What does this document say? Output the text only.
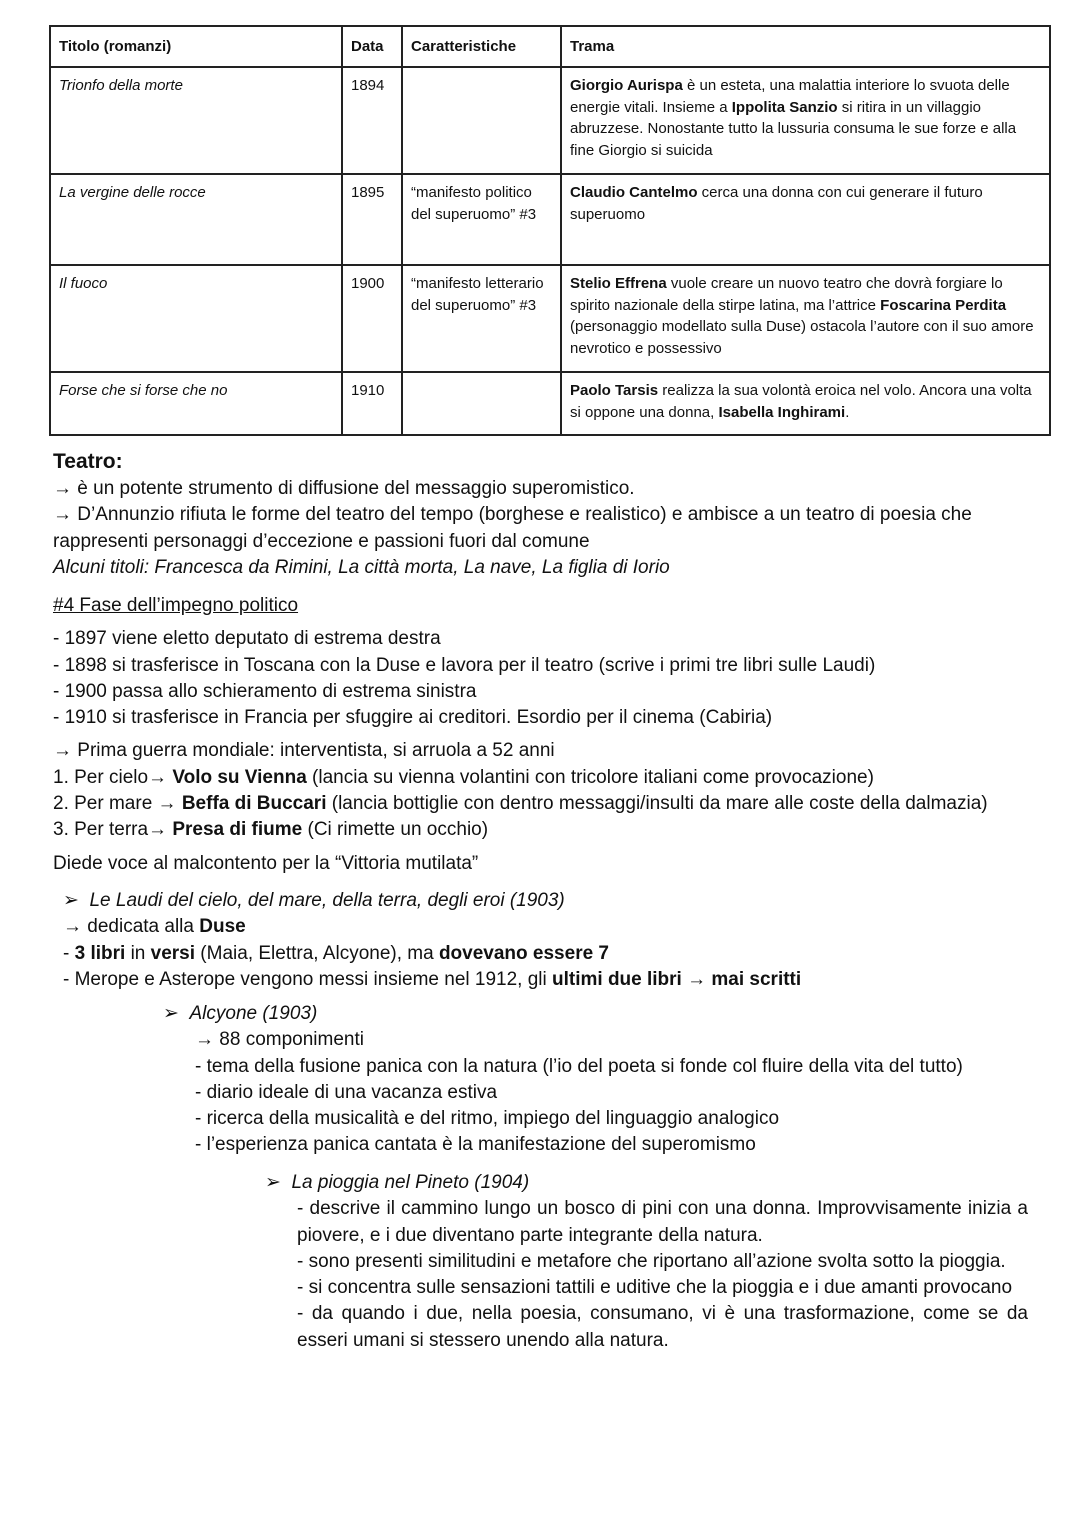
Titolo (romanzi)	Data	Caratteristiche	Trama
Trionfo della morte	1894		Giorgio Aurispa è un esteta, una malattia interiore lo svuota delle energie vitali. Insieme a Ippolita Sanzio si ritira in un villaggio abruzzese. Nonostante tutto la lussuria consuma le sue forze e alla fine Giorgio si suicida
La vergine delle rocce	1895	“manifesto politico del superuomo” #3	Claudio Cantelmo cerca una donna con cui generare il futuro superuomo
Il fuoco	1900	“manifesto letterario del superuomo” #3	Stelio Effrena vuole creare un nuovo teatro che dovrà forgiare lo spirito nazionale della stirpe latina, ma l’attrice Foscarina Perdita (personaggio modellato sulla Duse) ostacola l’autore con il suo amore nevrotico e possessivo
Forse che si forse che no	1910		Paolo Tarsis realizza la sua volontà eroica nel volo. Ancora una volta si oppone una donna, Isabella Inghirami.

Teatro:

→ è un potente strumento di diffusione del messaggio superomistico.

→ D’Annunzio rifiuta le forme del teatro del tempo (borghese e realistico) e ambisce a un teatro di poesia che rappresenti personaggi d’eccezione e passioni fuori dal comune

Alcuni titoli: Francesca da Rimini, La città morta, La nave, La figlia di Iorio

#4 Fase dell’impegno politico

- 1897 viene eletto deputato di estrema destra

- 1898 si trasferisce in Toscana con la Duse e lavora per il teatro (scrive i primi tre libri sulle Laudi)

- 1900 passa allo schieramento di estrema sinistra

- 1910 si trasferisce in Francia per sfuggire ai creditori. Esordio per il cinema (Cabiria)

→ Prima guerra mondiale: interventista, si arruola a 52 anni

1. Per cielo→ Volo su Vienna (lancia su vienna volantini con tricolore italiani come provocazione)

2. Per mare → Beffa di Buccari (lancia bottiglie con dentro messaggi/insulti da mare alle coste della dalmazia)

3. Per terra→ Presa di fiume (Ci rimette un occhio)

Diede voce al malcontento per la “Vittoria mutilata”

➢ Le Laudi del cielo, del mare, della terra, degli eroi (1903)

→ dedicata alla Duse

- 3 libri in versi (Maia, Elettra, Alcyone), ma dovevano essere 7

- Merope e Asterope vengono messi insieme nel 1912, gli ultimi due libri → mai scritti

➢ Alcyone (1903)

→ 88 componimenti

- tema della fusione panica con la natura (l’io del poeta si fonde col fluire della vita del tutto)

- diario ideale di una vacanza estiva

- ricerca della musicalità e del ritmo, impiego del linguaggio analogico

- l’esperienza panica cantata è la manifestazione del superomismo

➢ La pioggia nel Pineto (1904)

- descrive il cammino lungo un bosco di pini con una donna. Improvvisamente inizia a piovere, e i due diventano parte integrante della natura.

- sono presenti similitudini e metafore che riportano all’azione svolta sotto la pioggia.

- si concentra sulle sensazioni tattili e uditive che la pioggia e i due amanti provocano

- da quando i due, nella poesia, consumano, vi è una trasformazione, come se da esseri umani si stessero unendo alla natura.
